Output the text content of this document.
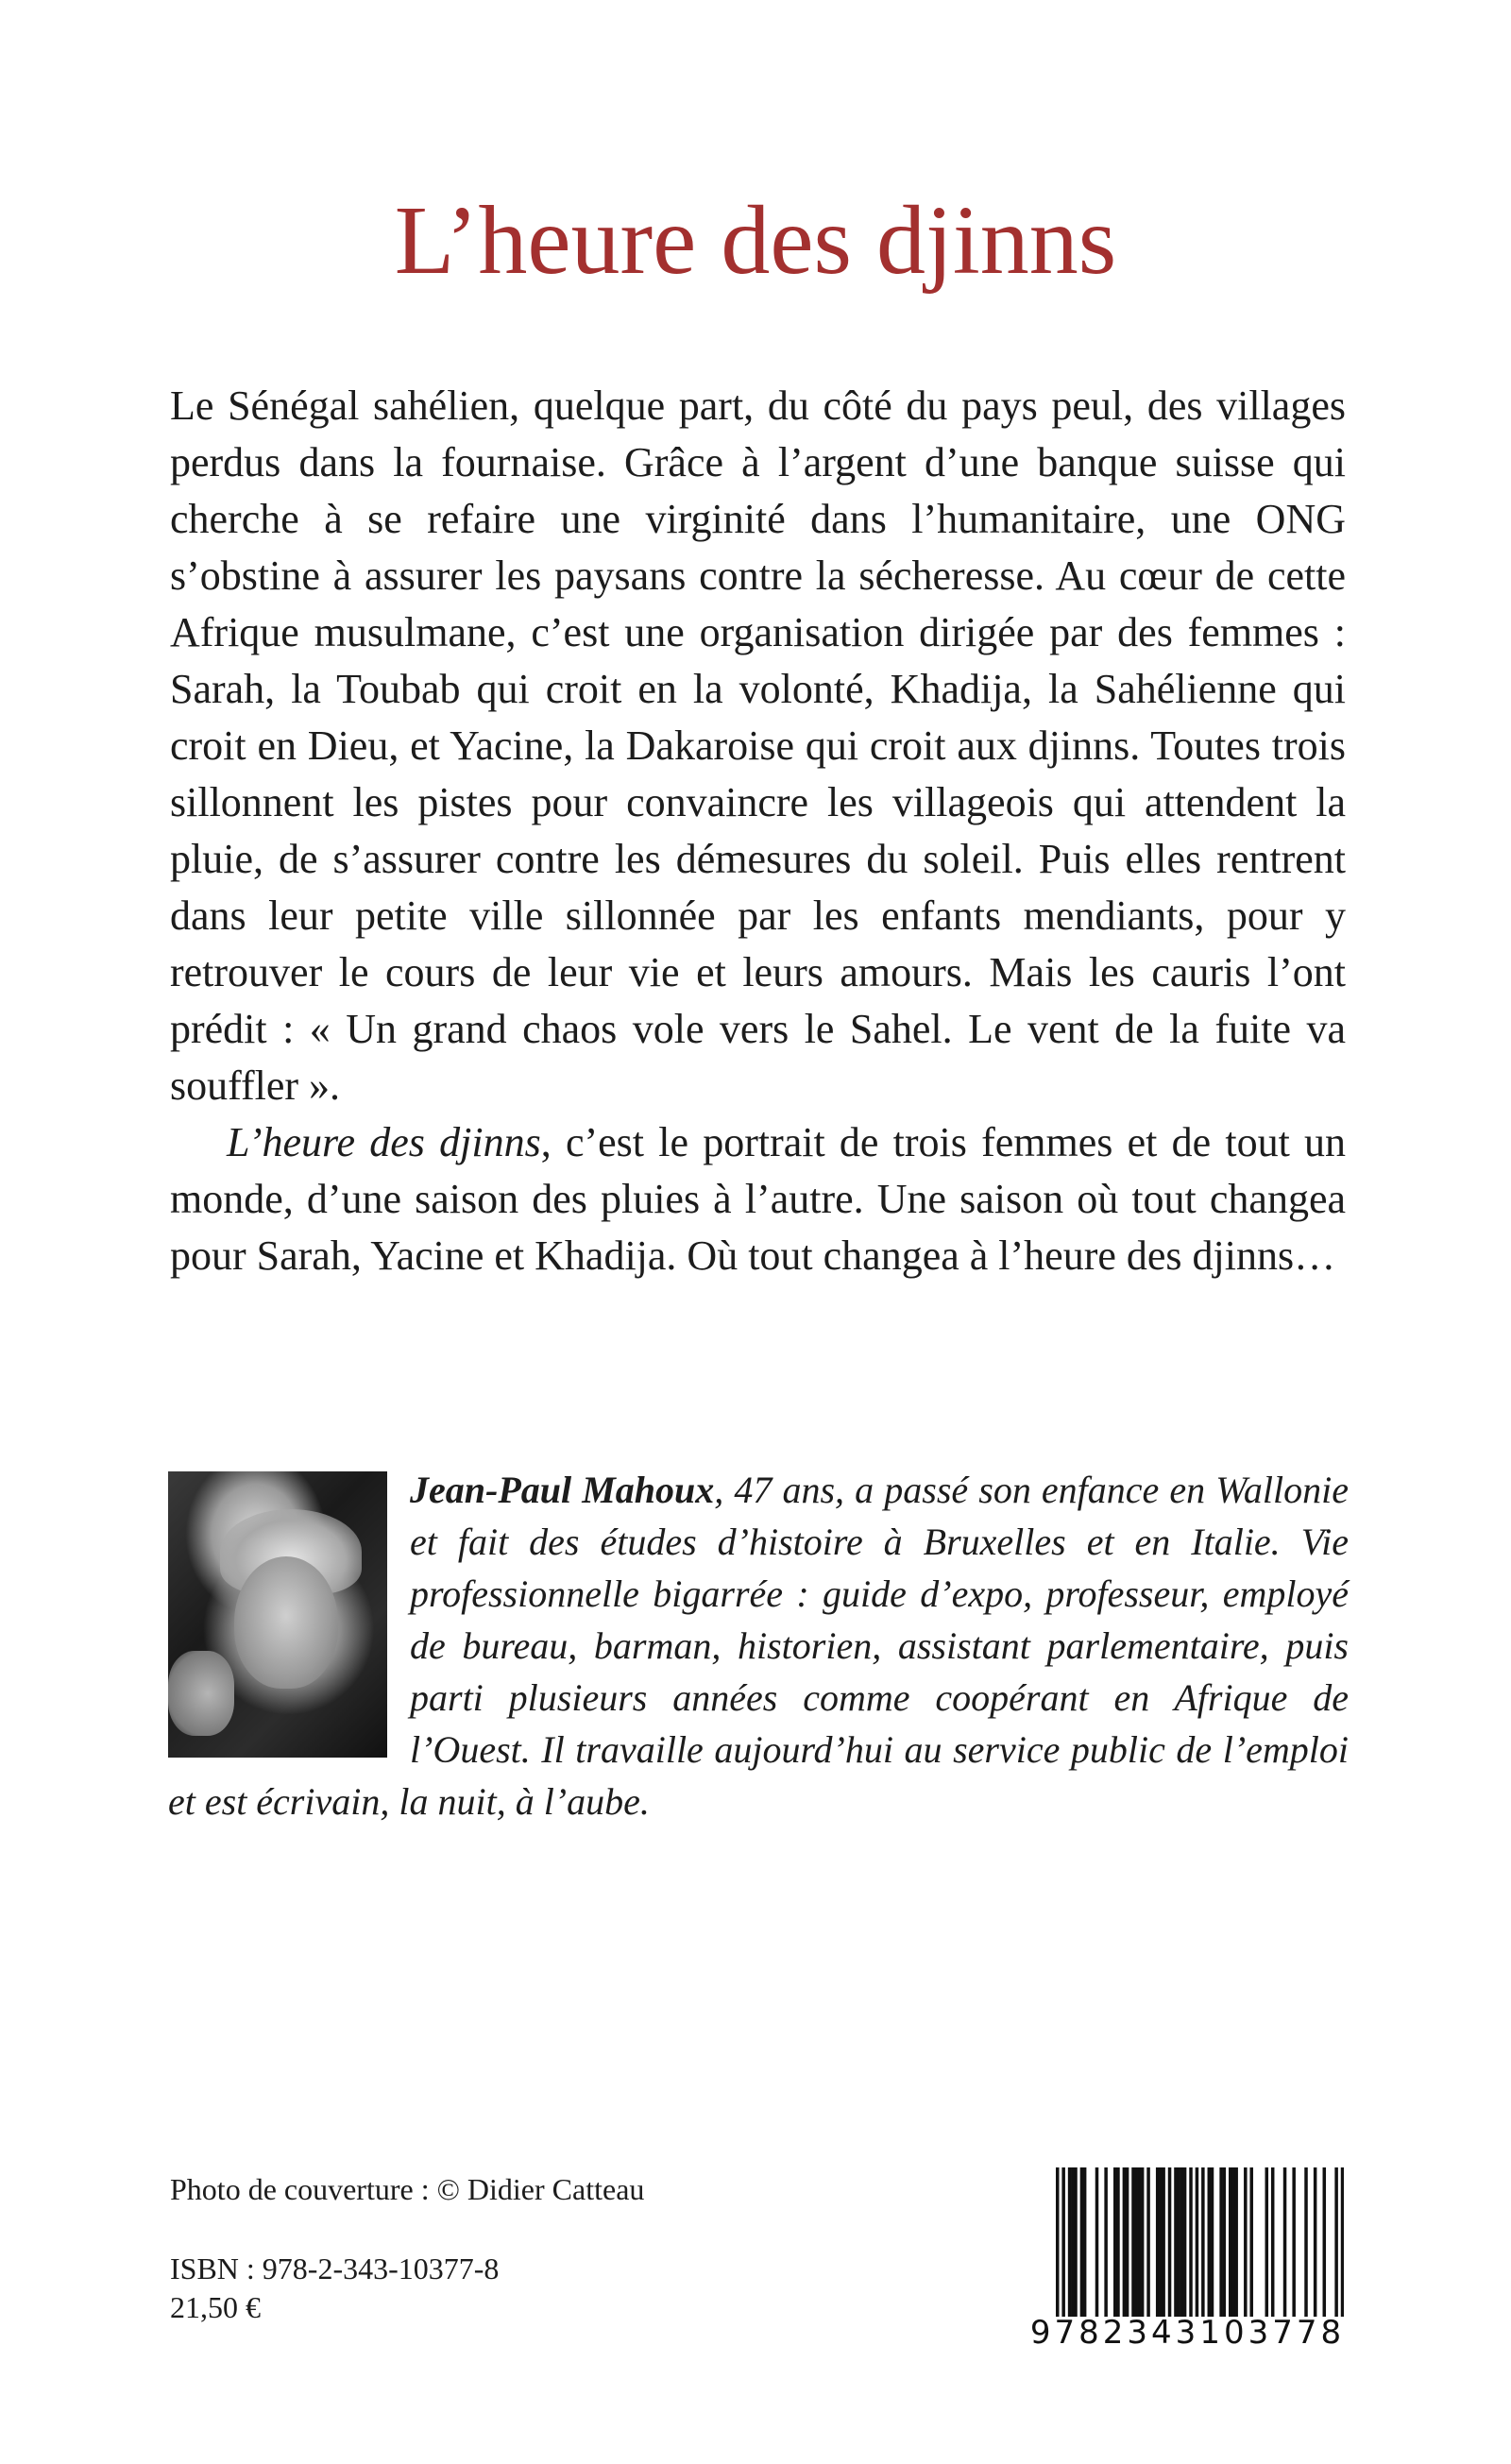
L’heure des djinns

Le Sénégal sahélien, quelque part, du côté du pays peul, des villages perdus dans la fournaise. Grâce à l’argent d’une banque suisse qui cherche à se refaire une virginité dans l’humanitaire, une ONG s’obstine à assurer les paysans contre la sécheresse. Au cœur de cette Afrique musulmane, c’est une organisation dirigée par des femmes : Sarah, la Toubab qui croit en la volonté, Khadija, la Sahélienne qui croit en Dieu, et Yacine, la Dakaroise qui croit aux djinns. Toutes trois sillonnent les pistes pour convaincre les villageois qui attendent la pluie, de s’assurer contre les démesures du soleil. Puis elles rentrent dans leur petite ville sillonnée par les enfants mendiants, pour y retrouver le cours de leur vie et leurs amours. Mais les cauris l’ont prédit : « Un grand chaos vole vers le Sahel. Le vent de la fuite va souffler ».

L’heure des djinns, c’est le portrait de trois femmes et de tout un monde, d’une saison des pluies à l’autre. Une saison où tout changea pour Sarah, Yacine et Khadija. Où tout changea à l’heure des djinns…

Jean-Paul Mahoux, 47 ans, a passé son enfance en Wallonie et fait des études d’histoire à Bruxelles et en Italie. Vie professionnelle bigarrée : guide d’expo, professeur, employé de bureau, barman, historien, assistant parlementaire, puis parti plusieurs années comme coopérant en Afrique de l’Ouest. Il travaille aujourd’hui au service public de l’emploi et est écrivain, la nuit, à l’aube.
Photo de couverture : © Didier Catteau
ISBN : 978-2-343-10377-8
21,50 €
9782343103778
